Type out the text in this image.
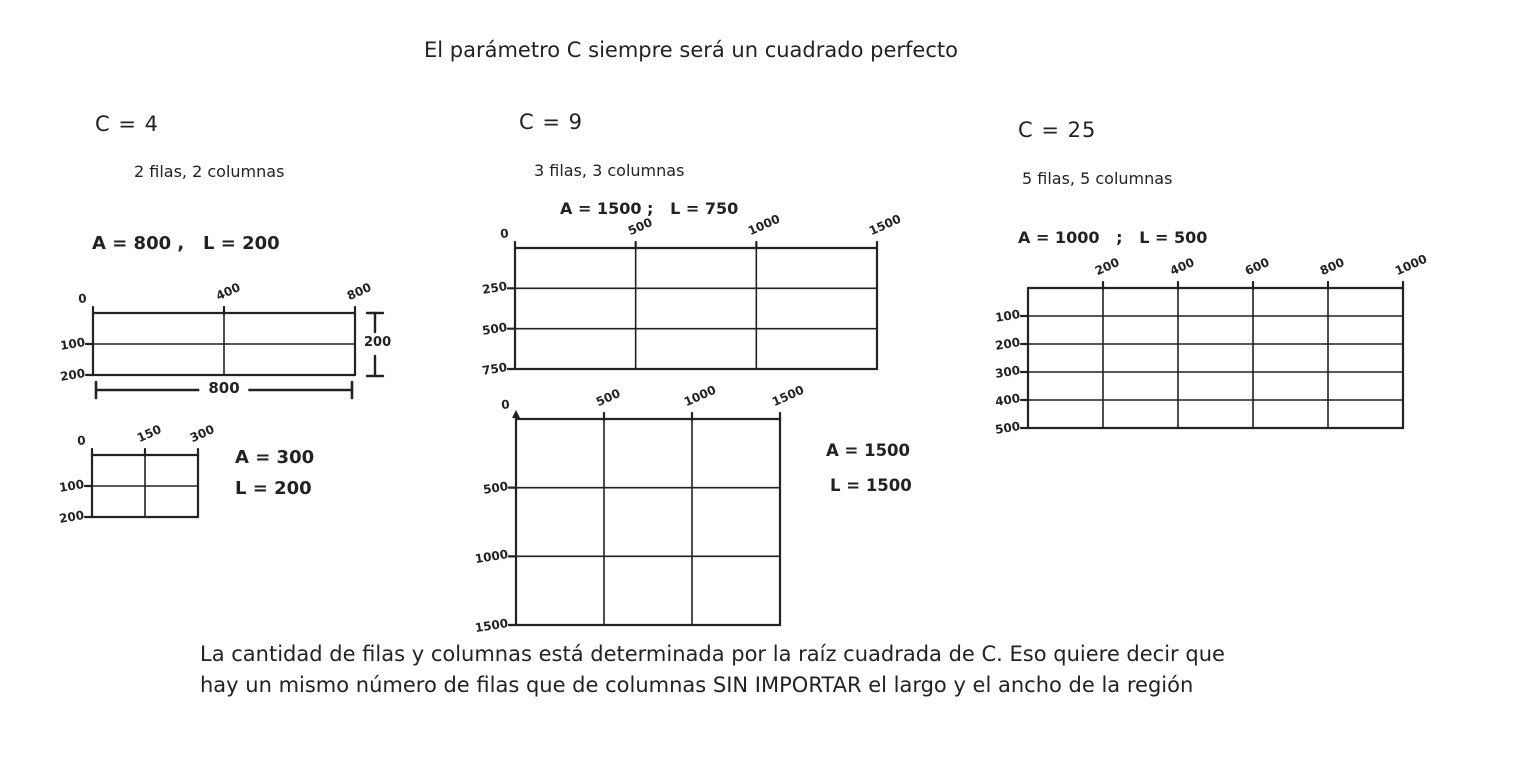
El parámetro C siempre será un cuadrado perfecto
C = 4
2 filas, 2 columnas
A = 800 ,   L = 200
0	400	800
100
200
200
800
0	150 300
100
200
A = 300
L = 200
C = 9
3 filas, 3 columnas
A = 1500 ;   L = 750
0	500	1000	1500
250
500
750
0	500	1000	1500
500
1000
1500
A = 1500
L = 1500
C = 25
5 filas, 5 columnas
A = 1000   ;   L = 500
200	400	600	800	1000
100
200
300
400
500
La cantidad de filas y columnas está determinada por la raíz cuadrada de C. Eso quiere decir que
hay un mismo número de filas que de columnas SIN IMPORTAR el largo y el ancho de la región
